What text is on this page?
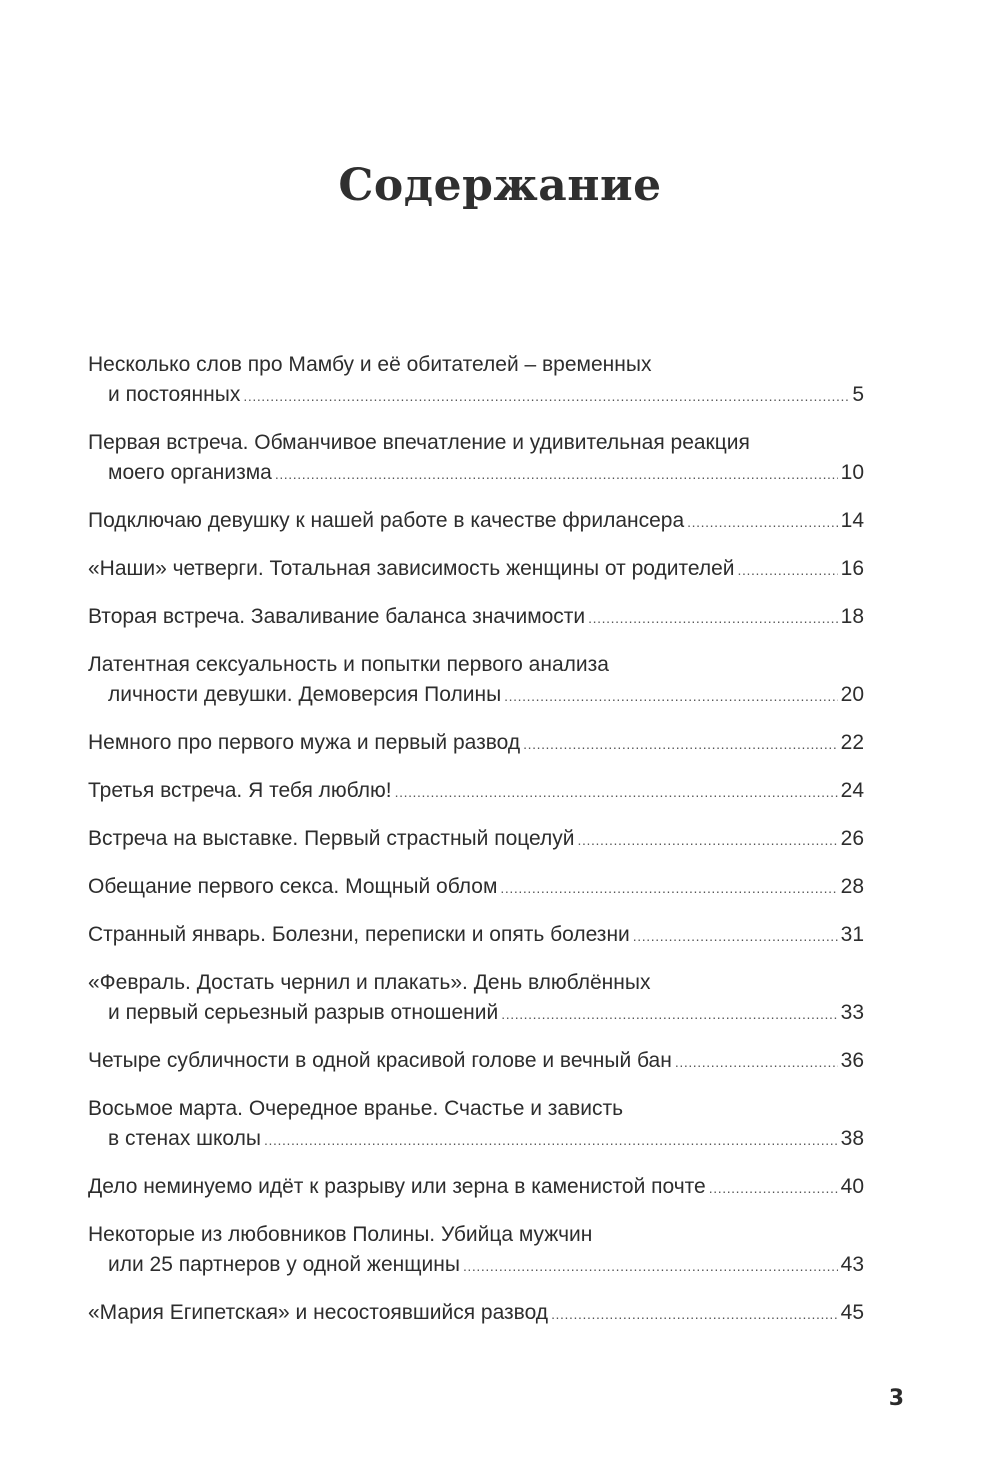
Содержание
Несколько слов про Мамбу и её обитателей – временных
и постоянных .....	5
Первая встреча. Обманчивое впечатление и удивительная реакция
моего организма .....	10
Подключаю девушку к нашей работе в качестве фрилансера .....	14
«Наши» четверги. Тотальная зависимость женщины от родителей .....	16
Вторая встреча. Заваливание баланса значимости .....	18
Латентная сексуальность и попытки первого анализа
личности девушки. Демоверсия Полины .....	20
Немного про первого мужа и первый развод .....	22
Третья встреча. Я тебя люблю! .....	24
Встреча на выставке. Первый страстный поцелуй .....	26
Обещание первого секса. Мощный облом .....	28
Странный январь. Болезни, переписки и опять болезни .....	31
«Февраль. Достать чернил и плакать». День влюблённых
и первый серьезный разрыв отношений .....	33
Четыре субличности в одной красивой голове и вечный бан .....	36
Восьмое марта. Очередное вранье. Счастье и зависть
в стенах школы .....	38
Дело неминуемо идёт к разрыву или зерна в каменистой почте .....	40
Некоторые из любовников Полины. Убийца мужчин
или 25 партнеров у одной женщины .....	43
«Мария Египетская» и несостоявшийся развод .....	45
3
